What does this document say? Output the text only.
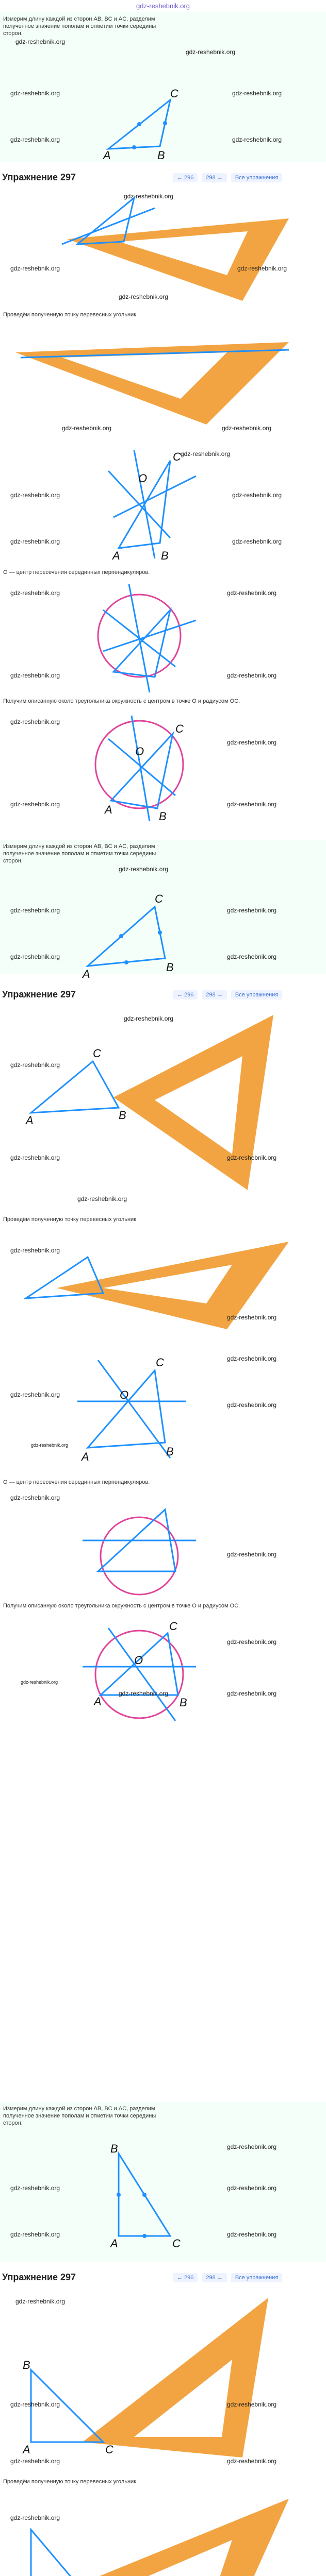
gdz-reshebnik.org
Измерим длину каждой из сторон AB, BC и AC, разделим полученное значение пополам и отметим точки середины сторон.
A
C
B
gdz-reshebnik.org
gdz-reshebnik.org
gdz-reshebnik.org	gdz-reshebnik.org
gdz-reshebnik.org	gdz-reshebnik.org
Упражнение 297	← 296	298 →	Все упражнения
gdz-reshebnik.org
gdz-reshebnik.org	gdz-reshebnik.org
gdz-reshebnik.org
Проведём полученную точку перевесных угольник.
gdz-reshebnik.org	gdz-reshebnik.org
A
C
B
O
gdz-reshebnik.org
gdz-reshebnik.org	gdz-reshebnik.org
gdz-reshebnik.org	gdz-reshebnik.org
O — центр пересечения серединных перпендикуляров.
gdz-reshebnik.org	gdz-reshebnik.org
gdz-reshebnik.org	gdz-reshebnik.org
Получим описанную около треугольника окружность с центром в точке O и радиусом OC.
A
C
B
O
gdz-reshebnik.org
gdz-reshebnik.org
gdz-reshebnik.org	gdz-reshebnik.org
Измерим длину каждой из сторон AB, BC и AC, разделим полученное значение пополам и отметим точки середины сторон.
A
C
B
gdz-reshebnik.org
gdz-reshebnik.org	gdz-reshebnik.org
gdz-reshebnik.org	gdz-reshebnik.org
Упражнение 297	← 296	298 →	Все упражнения
A
C
B
gdz-reshebnik.org
gdz-reshebnik.org
gdz-reshebnik.org	gdz-reshebnik.org
gdz-reshebnik.org
Проведём полученную точку перевесных угольник.
gdz-reshebnik.org
gdz-reshebnik.org
A
C
B
O
gdz-reshebnik.org
gdz-reshebnik.org
gdz-reshebnik.org
gdz-reshebnik.org
O — центр пересечения серединных перпендикуляров.
gdz-reshebnik.org
gdz-reshebnik.org
Получим описанную около треугольника окружность с центром в точке O и радиусом OC.
A
C
B
O
gdz-reshebnik.org
gdz-reshebnik.org
gdz-reshebnik.org	gdz-reshebnik.org
Измерим длину каждой из сторон AB, BC и AC, разделим полученное значение пополам и отметим точки середины сторон.
B
A	C
gdz-reshebnik.org
gdz-reshebnik.org	gdz-reshebnik.org
gdz-reshebnik.org	gdz-reshebnik.org
Упражнение 297	← 296	298 →	Все упражнения
B
A	C
gdz-reshebnik.org
gdz-reshebnik.org	gdz-reshebnik.org
gdz-reshebnik.org	gdz-reshebnik.org
Проведём полученную точку перевесных угольник.
gdz-reshebnik.org
